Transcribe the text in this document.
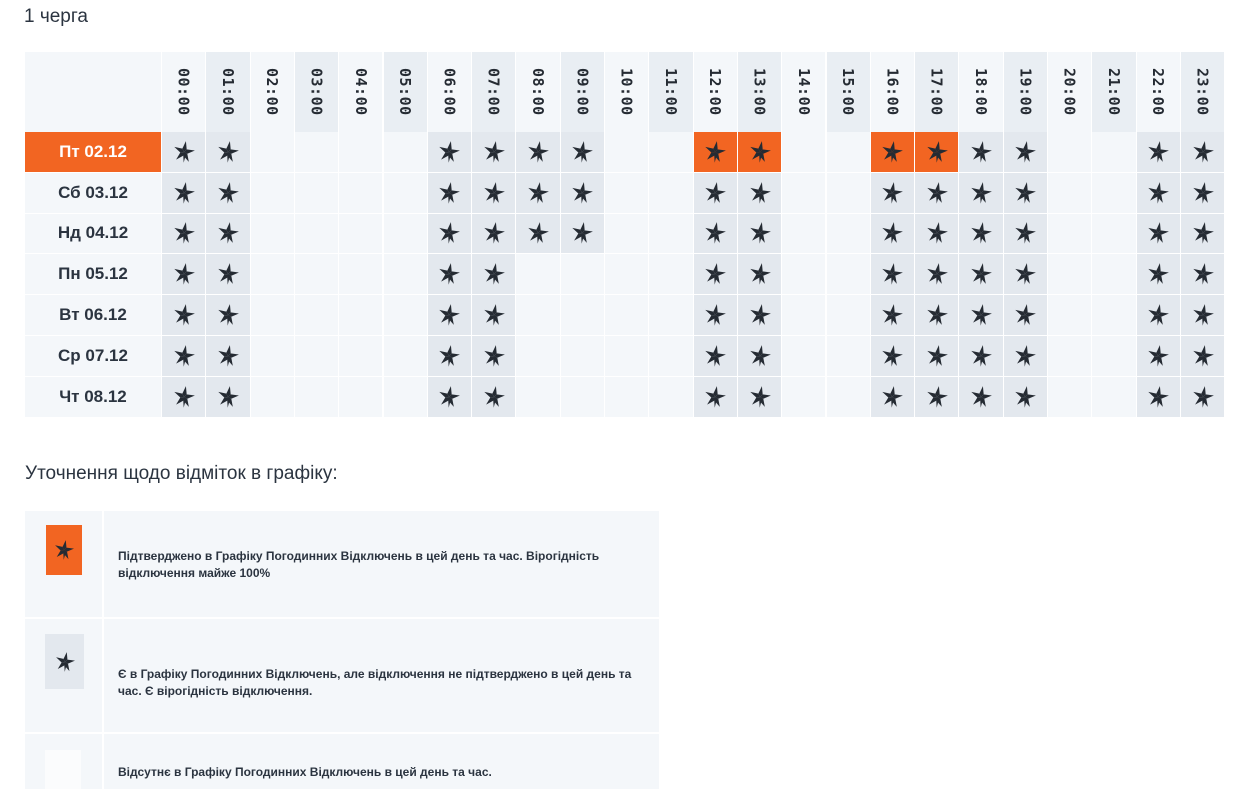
1 черга
00:00 01:00 02:00 03:00 04:00 05:00 06:00 07:00 08:00 09:00 10:00 11:00 12:00 13:00 14:00 15:00 16:00 17:00 18:00 19:00 20:00 21:00 22:00 23:00
Пт 02.12
Сб 03.12
Нд 04.12
Пн 05.12
Вт 06.12
Ср 07.12
Чт 08.12
Уточнення щодо відміток в графіку:
Підтверджено в Графіку Погодинних Відключень в цей день та час. Вірогідність відключення майже 100%
Є в Графіку Погодинних Відключень, але відключення не підтверджено в цей день та час. Є вірогідність відключення.
Відсутнє в Графіку Погодинних Відключень в цей день та час.
